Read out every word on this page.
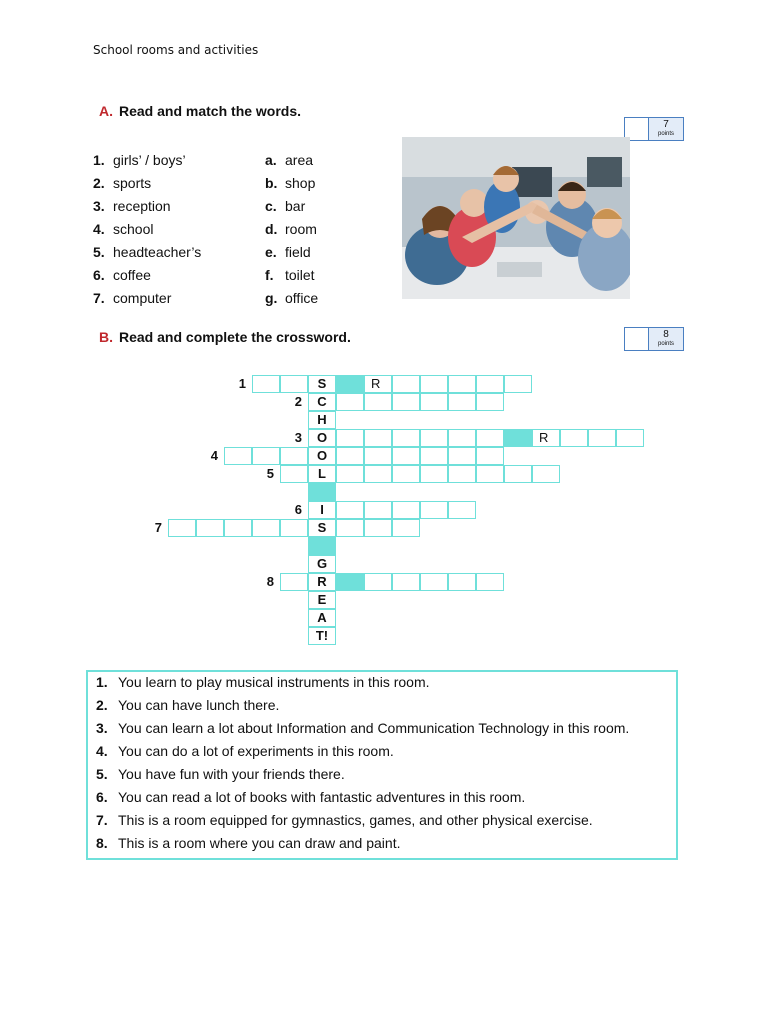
School rooms and activities
A. Read and match the words.
7
points
1. girls’ / boys’
2. sports
3. reception
4. school
5. headteacher’s
6. coffee
7. computer
a. area
b. shop
c. bar
d. room
e. field
f. toilet
g. office
B. Read and complete the crossword.	8
points
1	S	R
2	C
H
3	O	R
4	O
5	L
6	I
7	S
G
8	R
E
A
T!
1. You learn to play musical instruments in this room.
2. You can have lunch there.
3. You can learn a lot about Information and Communication Technology in this room.
4. You can do a lot of experiments in this room.
5. You have fun with your friends there.
6. You can read a lot of books with fantastic adventures in this room.
7. This is a room equipped for gymnastics, games, and other physical exercise.
8. This is a room where you can draw and paint.
